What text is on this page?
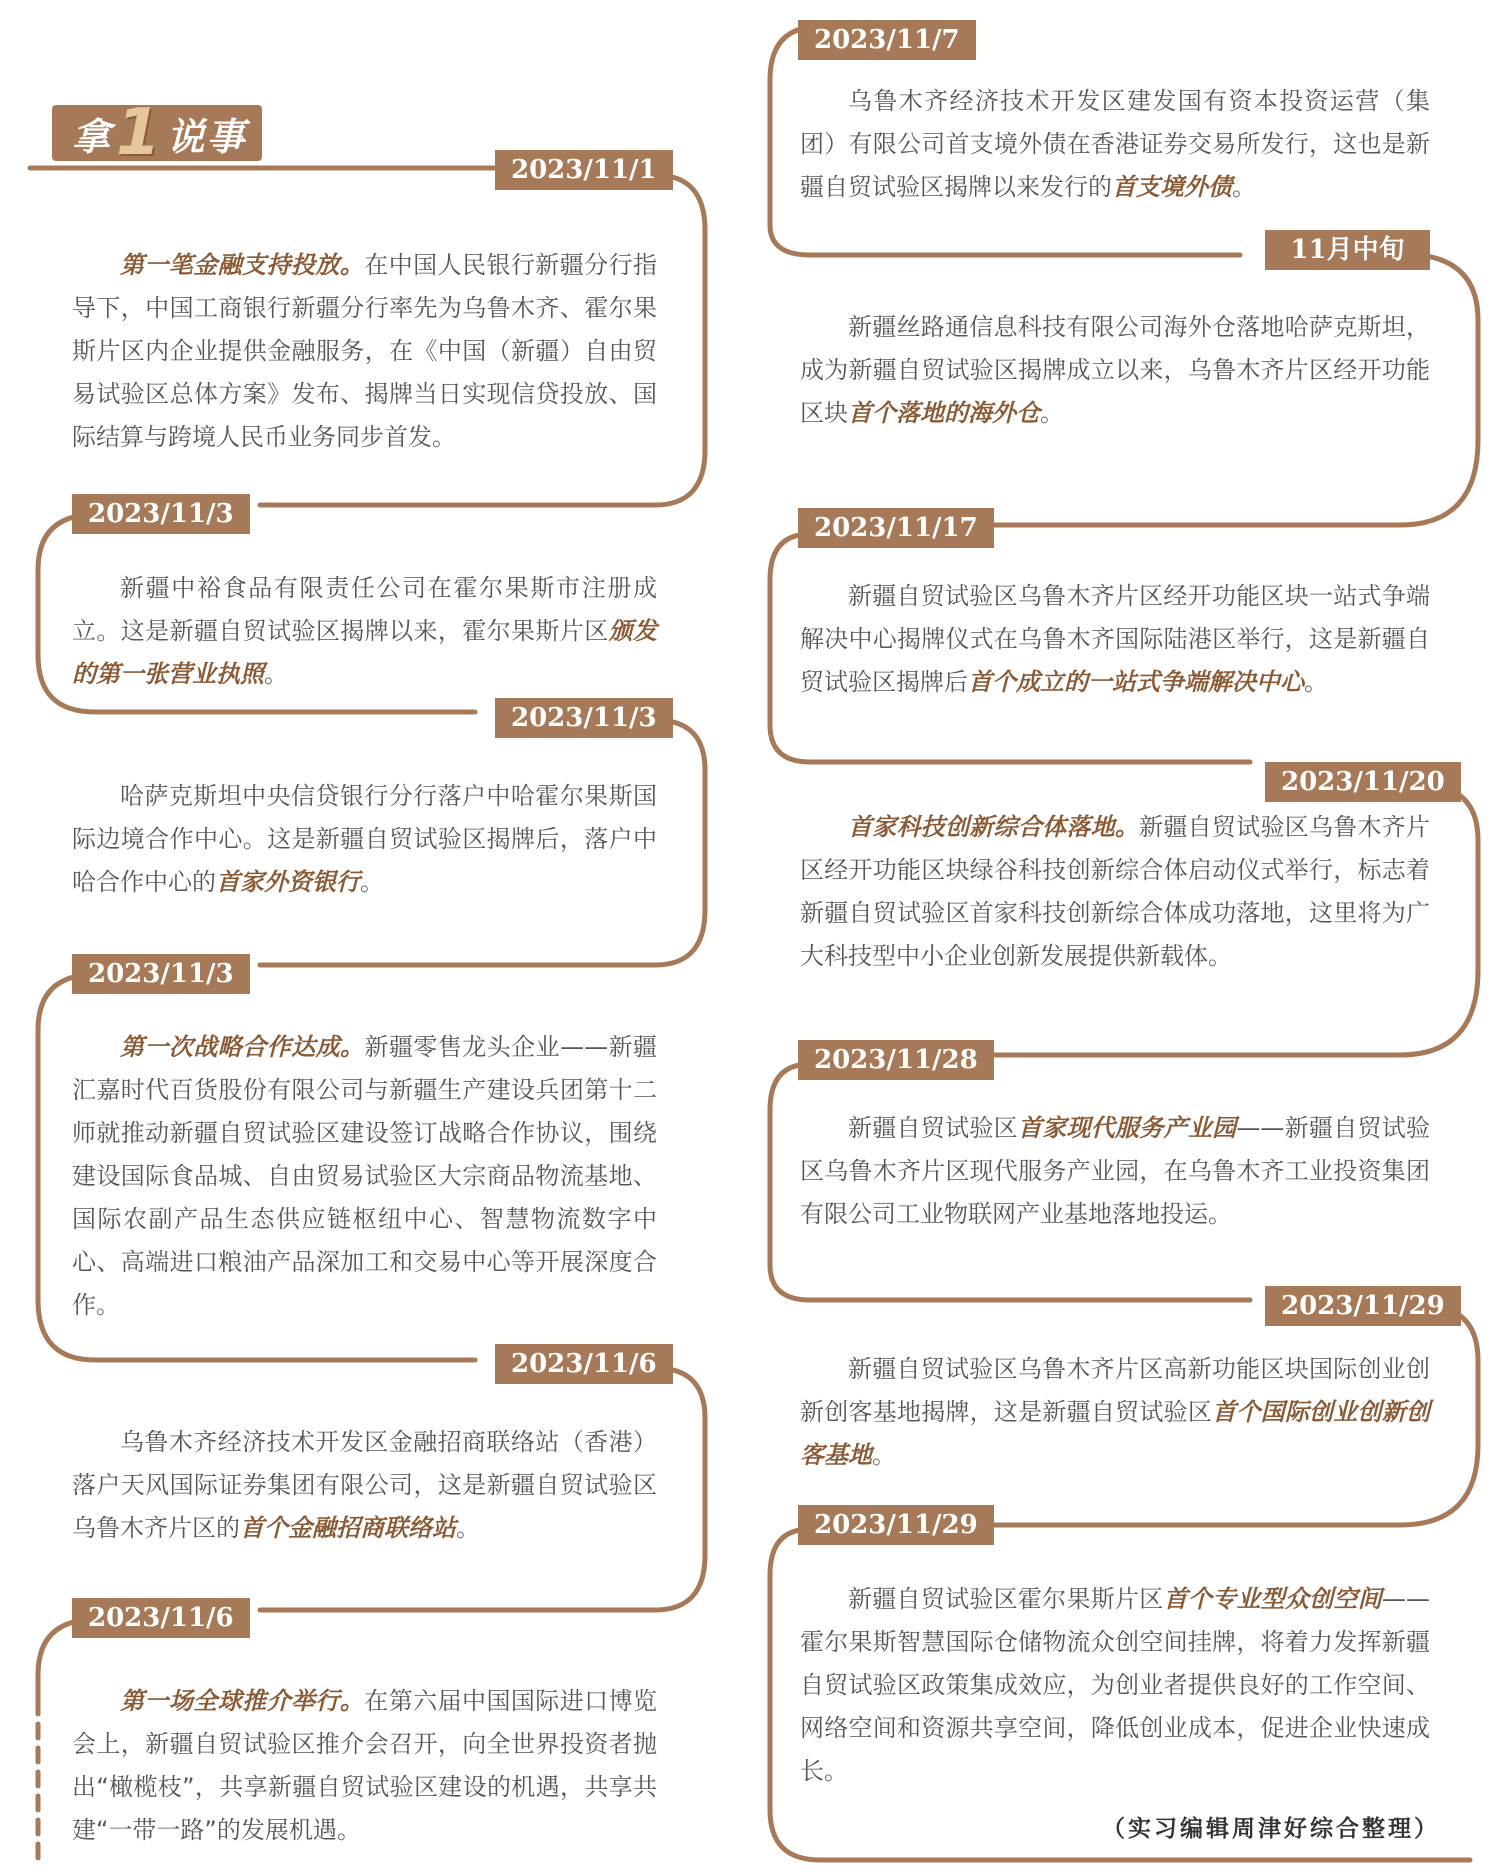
拿 1 说事
2023/11/1
第一笔金融支持投放。在中国人民银行新疆分行指导下，中国工商银行新疆分行率先为乌鲁木齐、霍尔果斯片区内企业提供金融服务，在《中国（新疆）自由贸易试验区总体方案》发布、揭牌当日实现信贷投放、国际结算与跨境人民币业务同步首发。
2023/11/3
新疆中裕食品有限责任公司在霍尔果斯市注册成立。这是新疆自贸试验区揭牌以来，霍尔果斯片区颁发的第一张营业执照。
2023/11/3
哈萨克斯坦中央信贷银行分行落户中哈霍尔果斯国际边境合作中心。这是新疆自贸试验区揭牌后，落户中哈合作中心的首家外资银行。
2023/11/3
第一次战略合作达成。新疆零售龙头企业——新疆汇嘉时代百货股份有限公司与新疆生产建设兵团第十二师就推动新疆自贸试验区建设签订战略合作协议，围绕建设国际食品城、自由贸易试验区大宗商品物流基地、国际农副产品生态供应链枢纽中心、智慧物流数字中心、高端进口粮油产品深加工和交易中心等开展深度合作。
2023/11/6
乌鲁木齐经济技术开发区金融招商联络站（香港）落户天风国际证券集团有限公司，这是新疆自贸试验区乌鲁木齐片区的首个金融招商联络站。
2023/11/6
第一场全球推介举行。在第六届中国国际进口博览会上，新疆自贸试验区推介会召开，向全世界投资者抛出“橄榄枝”，共享新疆自贸试验区建设的机遇，共享共建“一带一路”的发展机遇。
2023/11/7
乌鲁木齐经济技术开发区建发国有资本投资运营（集团）有限公司首支境外债在香港证券交易所发行，这也是新疆自贸试验区揭牌以来发行的首支境外债。
11月中旬
新疆丝路通信息科技有限公司海外仓落地哈萨克斯坦，成为新疆自贸试验区揭牌成立以来，乌鲁木齐片区经开功能区块首个落地的海外仓。
2023/11/17
新疆自贸试验区乌鲁木齐片区经开功能区块一站式争端解决中心揭牌仪式在乌鲁木齐国际陆港区举行，这是新疆自贸试验区揭牌后首个成立的一站式争端解决中心。
2023/11/20
首家科技创新综合体落地。新疆自贸试验区乌鲁木齐片区经开功能区块绿谷科技创新综合体启动仪式举行，标志着新疆自贸试验区首家科技创新综合体成功落地，这里将为广大科技型中小企业创新发展提供新载体。
2023/11/28
新疆自贸试验区首家现代服务产业园——新疆自贸试验区乌鲁木齐片区现代服务产业园，在乌鲁木齐工业投资集团有限公司工业物联网产业基地落地投运。
2023/11/29
新疆自贸试验区乌鲁木齐片区高新功能区块国际创业创新创客基地揭牌，这是新疆自贸试验区首个国际创业创新创客基地。
2023/11/29
新疆自贸试验区霍尔果斯片区首个专业型众创空间——霍尔果斯智慧国际仓储物流众创空间挂牌，将着力发挥新疆自贸试验区政策集成效应，为创业者提供良好的工作空间、网络空间和资源共享空间，降低创业成本，促进企业快速成长。
（实习编辑周津好综合整理）
